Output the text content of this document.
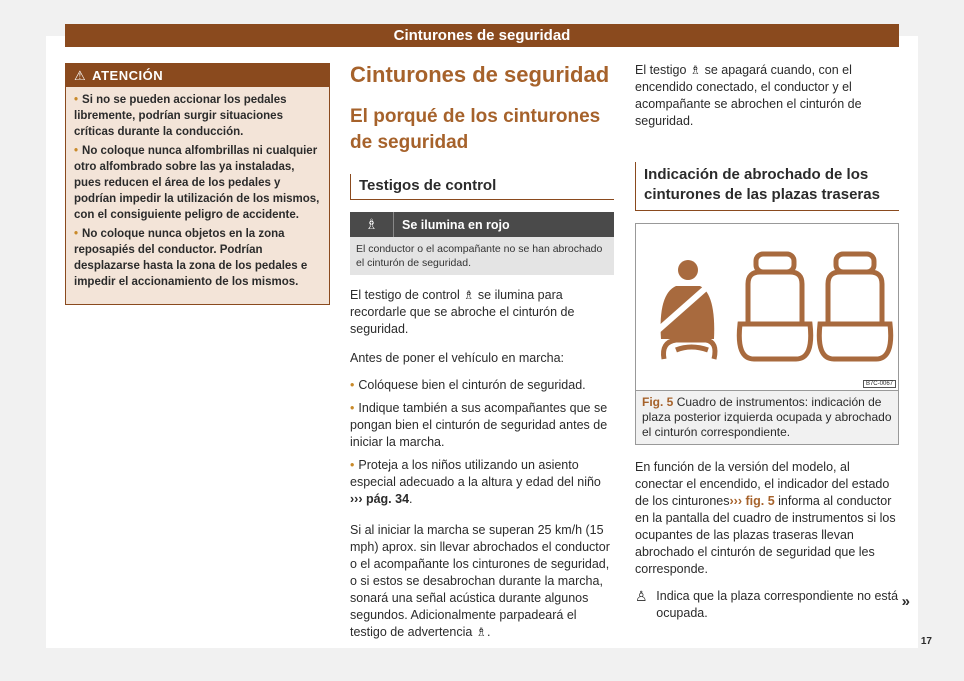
Cinturones de seguridad
⚠ ATENCIÓN
• Si no se pueden accionar los pedales libremente, podrían surgir situaciones críticas durante la conducción.
• No coloque nunca alfombrillas ni cualquier otro alfombrado sobre las ya instaladas, pues reducen el área de los pedales y podrían impedir la utilización de los mismos, con el consiguiente peligro de accidente.
• No coloque nunca objetos en la zona reposapiés del conductor. Podrían desplazarse hasta la zona de los pedales e impedir el accionamiento de los mismos.
Cinturones de seguridad
El porqué de los cinturones de seguridad
Testigos de control
♗	Se ilumina en rojo
El conductor o el acompañante no se han abrochado el cinturón de seguridad.
El testigo de control ♗ se ilumina para recordarle que se abroche el cinturón de seguridad.
Antes de poner el vehículo en marcha:
• Colóquese bien el cinturón de seguridad.
• Indique también a sus acompañantes que se pongan bien el cinturón de seguridad antes de iniciar la marcha.
• Proteja a los niños utilizando un asiento especial adecuado a la altura y edad del niño ››› pág. 34.
Si al iniciar la marcha se superan 25 km/h (15 mph) aprox. sin llevar abrochados el conductor o el acompañante los cinturones de seguridad, o si estos se desabrochan durante la marcha, sonará una señal acústica durante algunos segundos. Adicionalmente parpadeará el testigo de advertencia ♗.
El testigo ♗ se apagará cuando, con el encendido conectado, el conductor y el acompañante se abrochen el cinturón de seguridad.
Indicación de abrochado de los cinturones de las plazas traseras
B7C-0067
Fig. 5 Cuadro de instrumentos: indicación de plaza posterior izquierda ocupada y abrochado el cinturón correspondiente.
En función de la versión del modelo, al conectar el encendido, el indicador del estado de los cinturones››› fig. 5 informa al conductor en la pantalla del cuadro de instrumentos si los ocupantes de las plazas traseras llevan abrochado el cinturón de seguridad que les corresponde.
♙ Indica que la plaza correspondiente no está ocupada.
»
17
